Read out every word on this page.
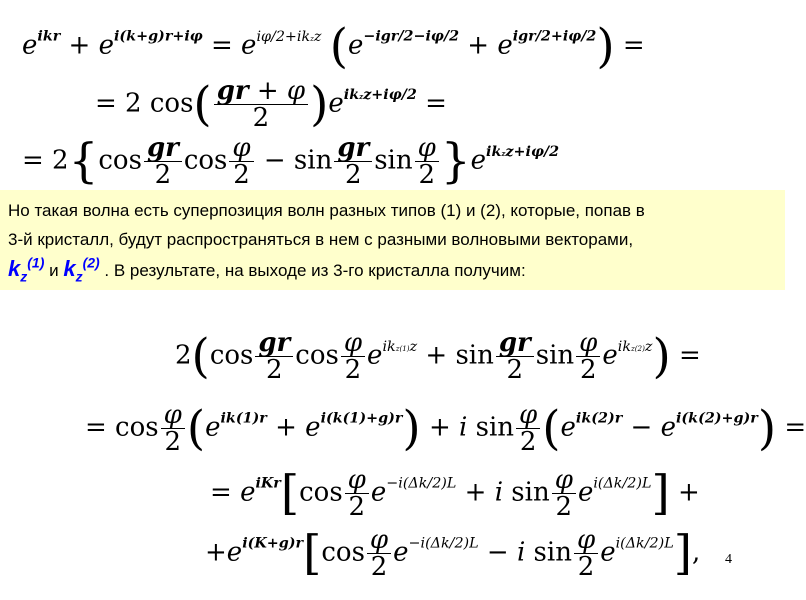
$e^{ikr} + e^{i(k+g)r+i\varphi} = e^{i\varphi/2+ikzz}$ $(e^{-igr/2-i\varphi/2} + e^{igr/2+i\varphi/2})$ =
= 2 $\cos( \frac{gr + \varphi}{2} )e^{ikzz+i\varphi/2}$ =
= $2\{\cos \frac{gr}{2}$ $\cos \frac{\varphi}{2} - \sin \frac{gr}{2}$ $\sin \frac{\varphi}{2} \}e^{ikzz+i\varphi/2}$
Но такая волна есть суперпозиция волн разных типов (1) и (2), которые, попав в
3-й кристалл, будут распространяться в нем с разными волновыми векторами,
$k_z^{(1)}$ и $k_z^{(2)}$ . В результате, на выходе из 3-го кристалла получим:
$2(\cos \frac{gr}{2}$ $\cos \frac{\varphi}{2} e^{ikz(1)z} + \sin \frac{gr}{2}$ $\sin \frac{\varphi}{2} e^{ikz(2)z}$) =
= $\cos \frac{\varphi}{2} (e^{ik(1)r} + e^{i(k(1)+g)r}) + i$ $\sin \frac{\varphi}{2} (e^{ik(2)r} - e^{i(k(2)+g)r})$ =
= $e^{iKr}[\cos \frac{\varphi}{2} e^{-i(\Delta k/2)L} + i$ $\sin \frac{\varphi}{2} e^{i(\Delta k/2)L}$] +
$+e^{i(K+g)r}[\cos \frac{\varphi}{2} e^{-i(\Delta k/2)L} - i$ $\sin \frac{\varphi}{2} e^{i(\Delta k/2)L}$], 4
